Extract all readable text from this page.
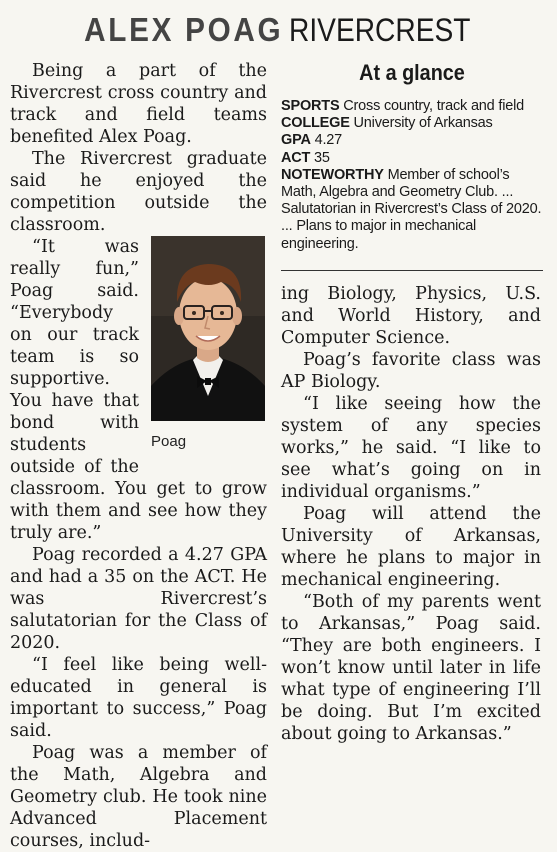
ALEX POAG RIVERCREST

Being a part of the Rivercrest cross country and track and field teams benefited Alex Poag.

The Rivercrest graduate said he enjoyed the competition outside the classroom.

Poag

“It was really fun,” Poag said. “Everybody on our track team is so supportive. You have that bond with students outside of the classroom. You get to grow with them and see how they truly are.”

Poag recorded a 4.27 GPA and had a 35 on the ACT. He was Rivercrest’s salutatorian for the Class of 2020.

“I feel like being well-educated in general is important to success,” Poag said.

Poag was a member of the Math, Algebra and Geometry club. He took nine Advanced Placement courses, includ-

At a glance

SPORTS Cross country, track and field

COLLEGE University of Arkansas

GPA 4.27

ACT 35

NOTEWORTHY Member of school’s Math, Algebra and Geometry Club. ... Salutatorian in Rivercrest’s Class of 2020. ... Plans to major in mechanical engineering.

ing Biology, Physics, U.S. and World History, and Computer Science.

Poag’s favorite class was AP Biology.

“I like seeing how the system of any species works,” he said. “I like to see what’s going on in individual organisms.”

Poag will attend the University of Arkansas, where he plans to major in mechanical engineering.

“Both of my parents went to Arkansas,” Poag said. “They are both engineers. I won’t know until later in life what type of engineering I’ll be doing. But I’m excited about going to Arkansas.”
